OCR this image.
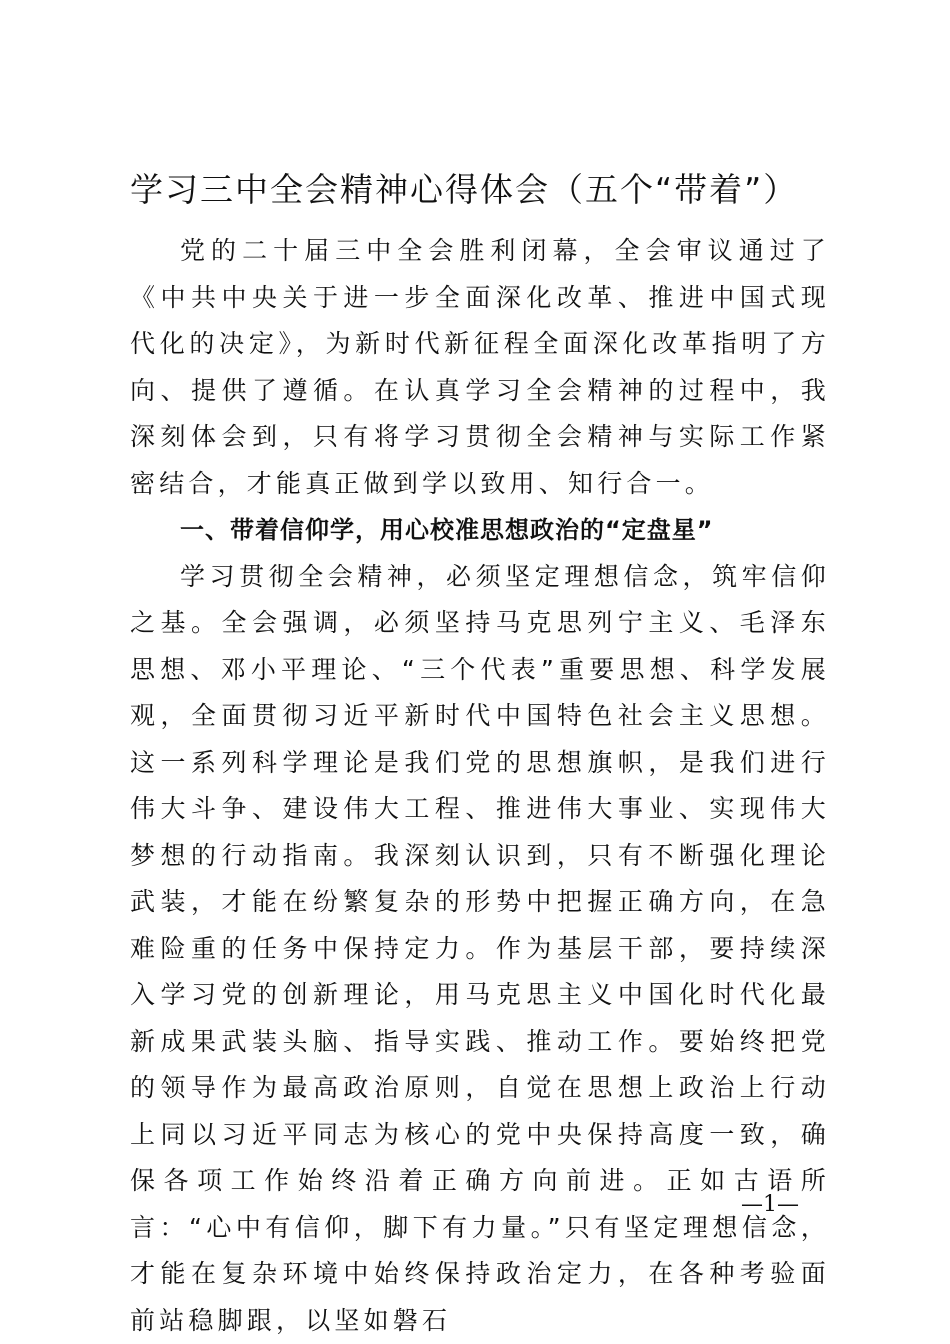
学习三中全会精神心得体会（五个“带着”）

党的二十届三中全会胜利闭幕，全会审议通过了《中共中央关于进一步全面深化改革、推进中国式现代化的决定》，为新时代新征程全面深化改革指明了方向、提供了遵循。在认真学习全会精神的过程中，我深刻体会到，只有将学习贯彻全会精神与实际工作紧密结合，才能真正做到学以致用、知行合一。

一、带着信仰学，用心校准思想政治的“定盘星”

学习贯彻全会精神，必须坚定理想信念，筑牢信仰之基。全会强调，必须坚持马克思列宁主义、毛泽东思想、邓小平理论、“三个代表”重要思想、科学发展观，全面贯彻习近平新时代中国特色社会主义思想。这一系列科学理论是我们党的思想旗帜，是我们进行伟大斗争、建设伟大工程、推进伟大事业、实现伟大梦想的行动指南。我深刻认识到，只有不断强化理论武装，才能在纷繁复杂的形势中把握正确方向，在急难险重的任务中保持定力。作为基层干部，要持续深入学习党的创新理论，用马克思主义中国化时代化最新成果武装头脑、指导实践、推动工作。要始终把党的领导作为最高政治原则，自觉在思想上政治上行动上同以习近平同志为核心的党中央保持高度一致，确保各项工作始终沿着正确方向前进。正如古语所言：“心中有信仰，脚下有力量。”只有坚定理想信念，才能在复杂环境中始终保持政治定力，在各种考验面前站稳脚跟，以坚如磐石

—1—
